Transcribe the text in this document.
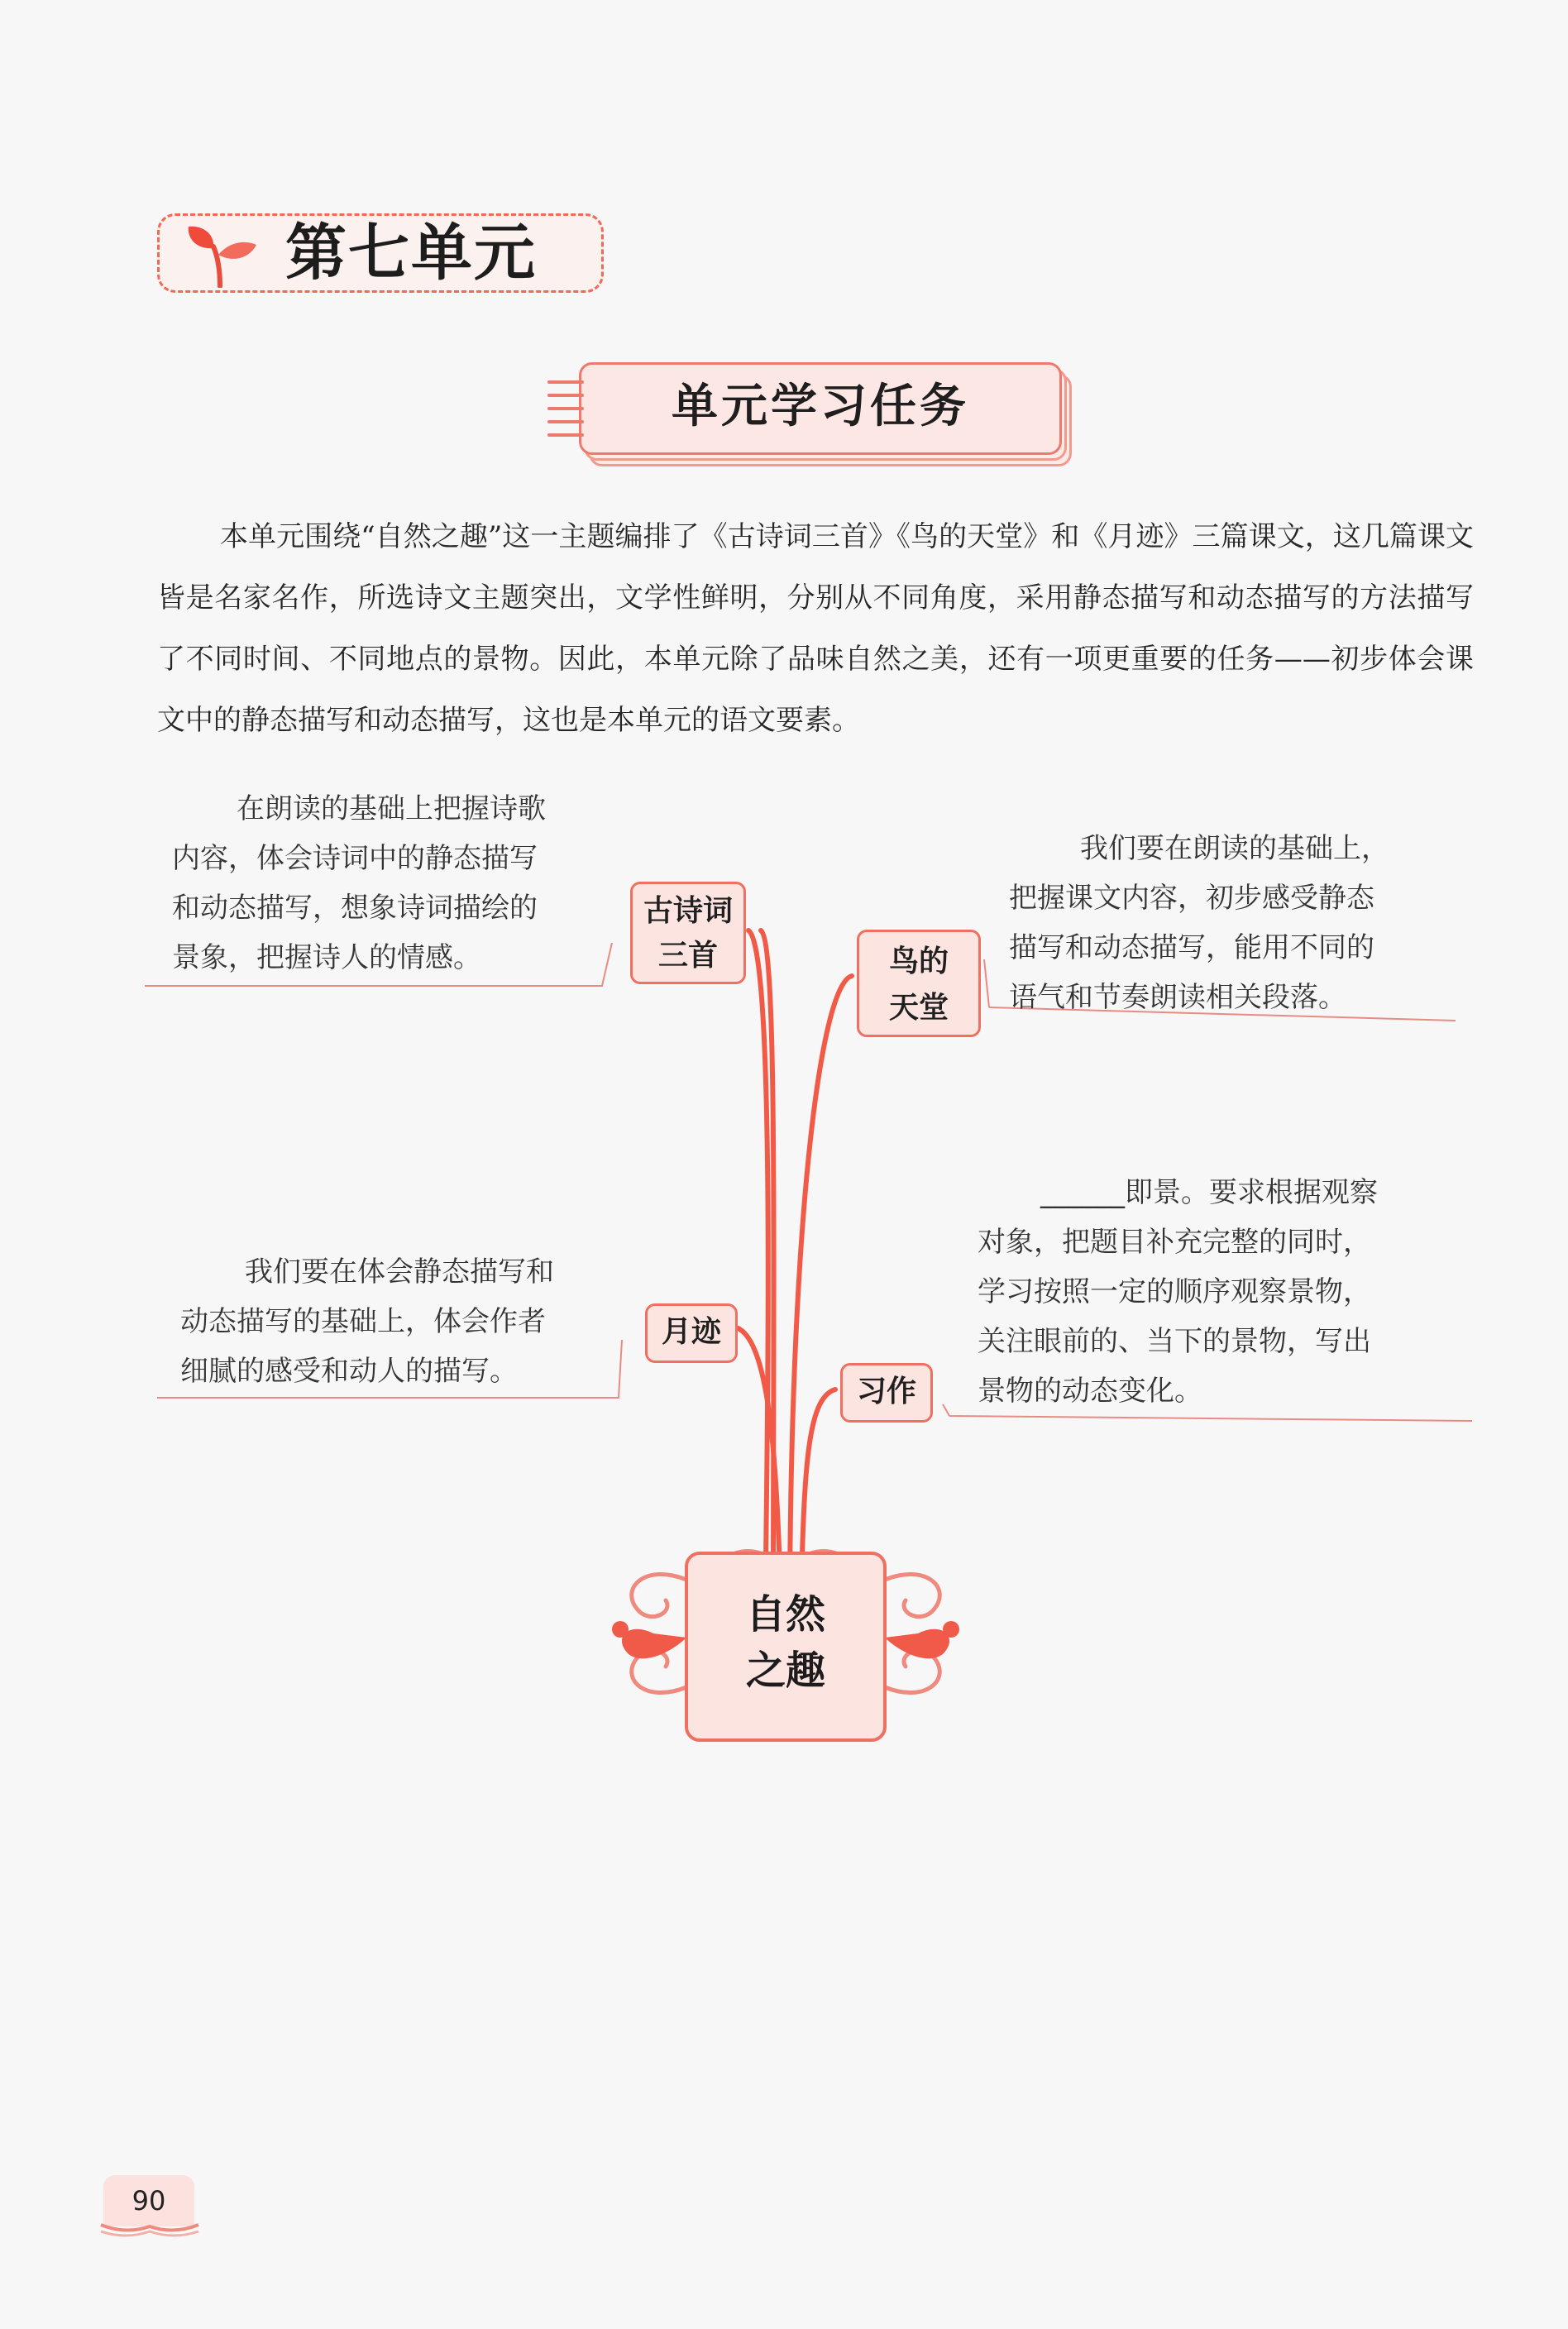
第七单元
单元学习任务
本单元围绕“自然之趣”这一主题编排了《古诗词三首》《鸟的天堂》和《月迹》三篇课文，这几篇课文皆是名家名作，所选诗文主题突出，文学性鲜明，分别从不同角度，采用静态描写和动态描写的方法描写了不同时间、不同地点的景物。因此，本单元除了品味自然之美，还有一项更重要的任务——初步体会课文中的静态描写和动态描写，这也是本单元的语文要素。
在朗读的基础上把握诗歌
内容，体会诗词中的静态描写
和动态描写，想象诗词描绘的
景象，把握诗人的情感。
古诗词
三首	鸟的
天堂
我们要在朗读的基础上，
把握课文内容，初步感受静态
描写和动态描写，能用不同的
语气和节奏朗读相关段落。
我们要在体会静态描写和
动态描写的基础上，体会作者
细腻的感受和动人的描写。
月迹
习作
______即景。要求根据观察
对象，把题目补充完整的同时，
学习按照一定的顺序观察景物，
关注眼前的、当下的景物，写出
景物的动态变化。
自然
之趣
90
